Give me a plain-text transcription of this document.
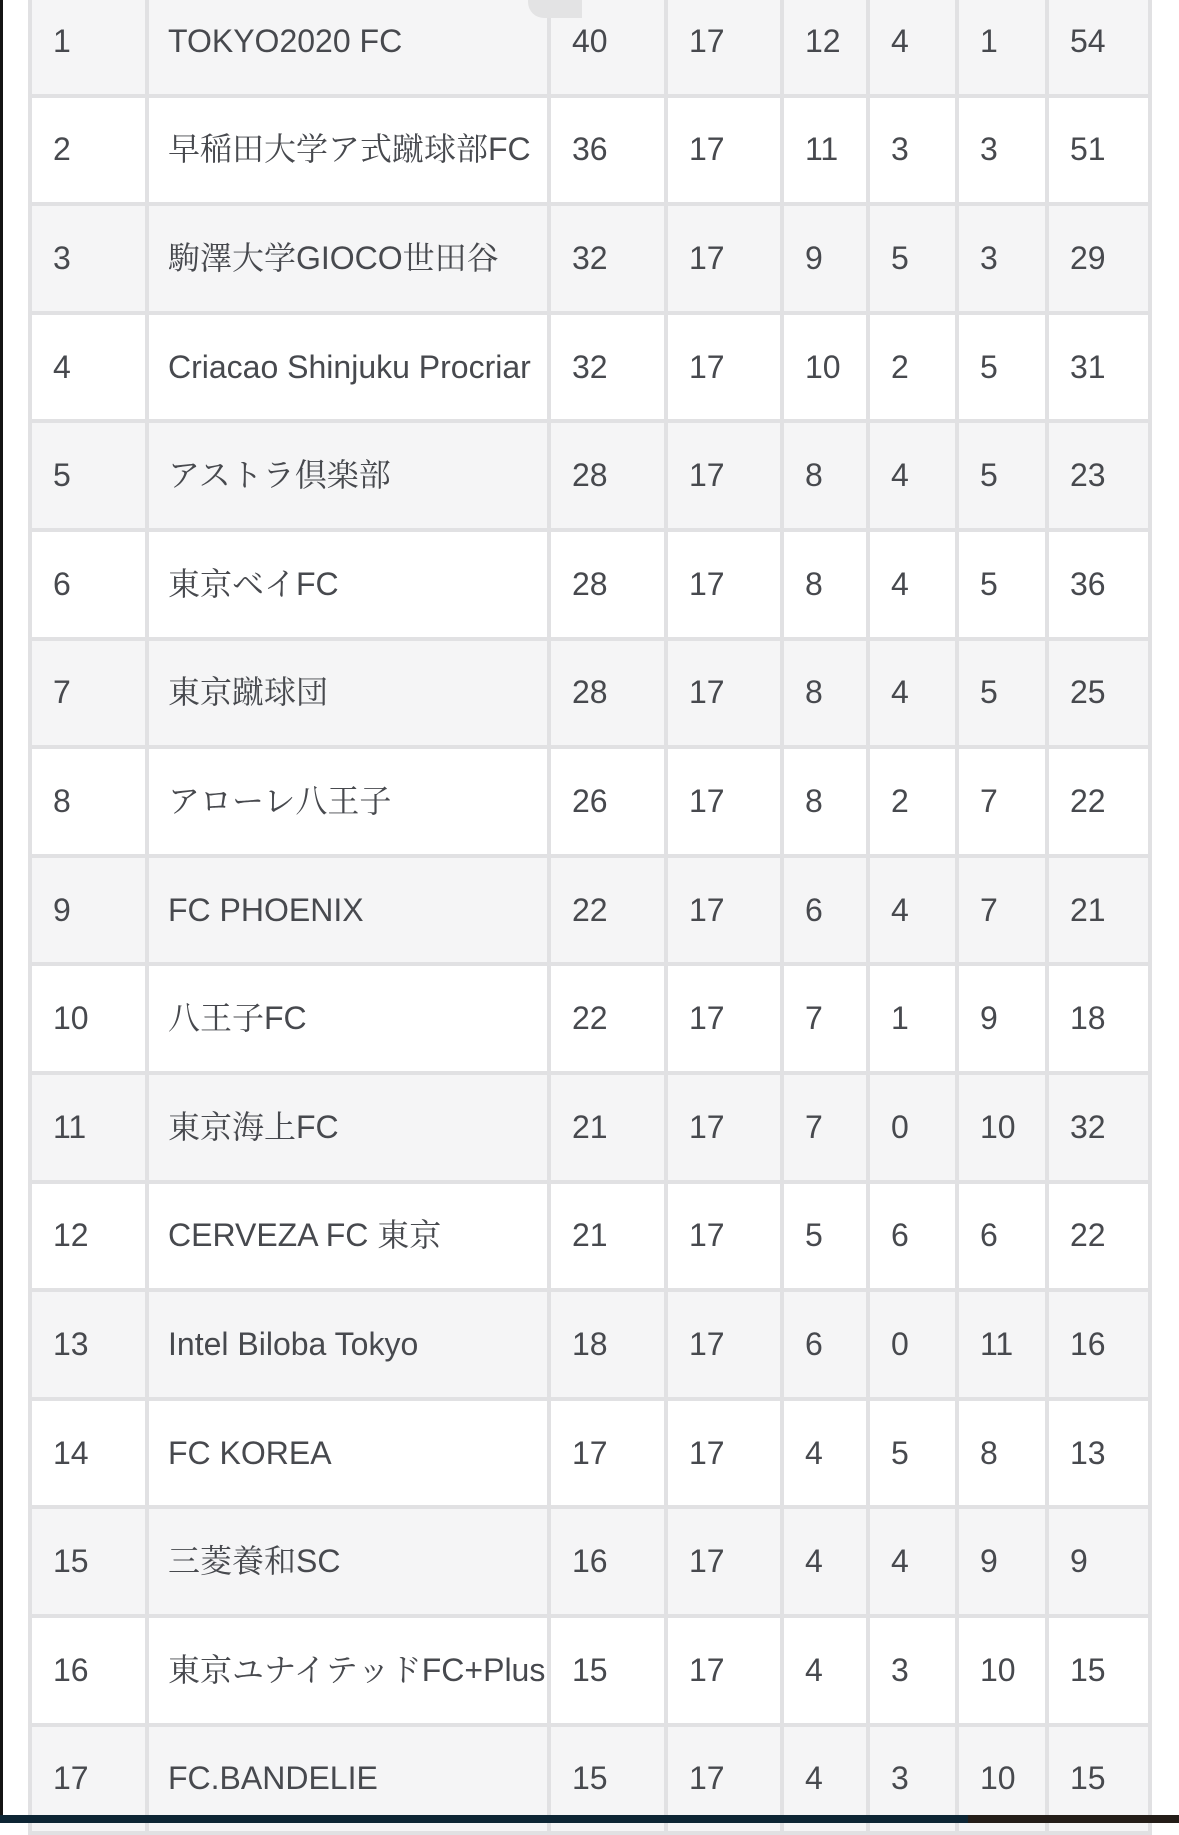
1	TOKYO2020 FC	40	17	12	4	1	54
2	早稲田大学ア式蹴球部FC	36	17	11	3	3	51
3	駒澤大学GIOCO世田谷	32	17	9	5	3	29
4	Criacao Shinjuku Procriar	32	17	10	2	5	31
5	アストラ倶楽部	28	17	8	4	5	23
6	東京ベイFC	28	17	8	4	5	36
7	東京蹴球団	28	17	8	4	5	25
8	アローレ八王子	26	17	8	2	7	22
9	FC PHOENIX	22	17	6	4	7	21
10	八王子FC	22	17	7	1	9	18
11	東京海上FC	21	17	7	0	10	32
12	CERVEZA FC 東京	21	17	5	6	6	22
13	Intel Biloba Tokyo	18	17	6	0	11	16
14	FC KOREA	17	17	4	5	8	13
15	三菱養和SC	16	17	4	4	9	9
16	東京ユナイテッドFC+Plus 15	17	4	3	10	15
17	FC.BANDELIE	15	17	4	3	10	15
